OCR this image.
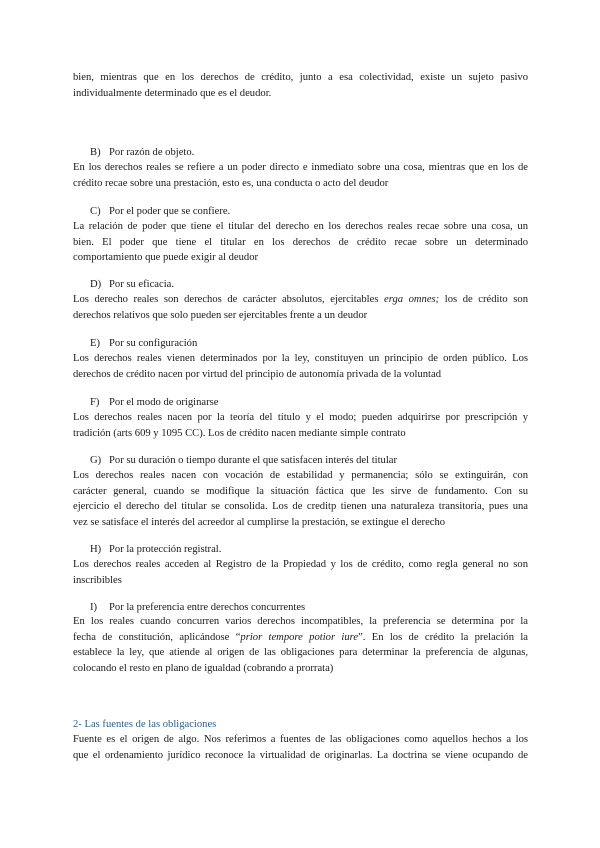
bien, mientras que en los derechos de crédito, junto a esa colectividad, existe un sujeto pasivo
individualmente determinado que es el deudor.
B) Por razón de objeto.
En los derechos reales se refiere a un poder directo e inmediato sobre una cosa, mientras que en los de
crédito recae sobre una prestación, esto es, una conducta o acto del deudor
C) Por el poder que se confiere.
La relación de poder que tiene el titular del derecho en los derechos reales recae sobre una cosa, un
bien. El poder que tiene el titular en los derechos de crédito recae sobre un determinado
comportamiento que puede exigir al deudor
D) Por su eficacia.
Los derecho reales son derechos de carácter absolutos, ejercitables erga omnes; los de crédito son
derechos relativos que solo pueden ser ejercitables frente a un deudor
E) Por su configuración
Los derechos reales vienen determinados por la ley, constituyen un principio de orden público. Los
derechos de crédito nacen por virtud del principio de autonomía privada de la voluntad
F) Por el modo de originarse
Los derechos reales nacen por la teoría del título y el modo; pueden adquirirse por prescripción y
tradición (arts 609 y 1095 CC). Los de crédito nacen mediante simple contrato
G) Por su duración o tiempo durante el que satisfacen interés del titular
Los derechos reales nacen con vocación de estabilidad y permanencia; sólo se extinguirán, con
carácter general, cuando se modifique la situación fáctica que les sirve de fundamento. Con su
ejercicio el derecho del titular se consolida. Los de creditp tienen una naturaleza transitoria, pues una
vez se satisface el interés del acreedor al cumplirse la prestación, se extingue el derecho
H) Por la protección registral.
Los derechos reales acceden al Registro de la Propiedad y los de crédito, como regla general no son
inscribibles
I) Por la preferencia entre derechos concurrentes
En los reales cuando concurren varios derechos incompatibles, la preferencia se determina por la
fecha de constitución, aplicándose “prior tempore potior iure”. En los de crédito la prelación la
establece la ley, que atiende al origen de las obligaciones para determinar la preferencia de algunas,
colocando el resto en plano de igualdad (cobrando a prorrata)
2- Las fuentes de las obligaciones
Fuente es el origen de algo. Nos referimos a fuentes de las obligaciones como aquellos hechos a los
que el ordenamiento jurídico reconoce la virtualidad de originarlas. La doctrina se viene ocupando de
